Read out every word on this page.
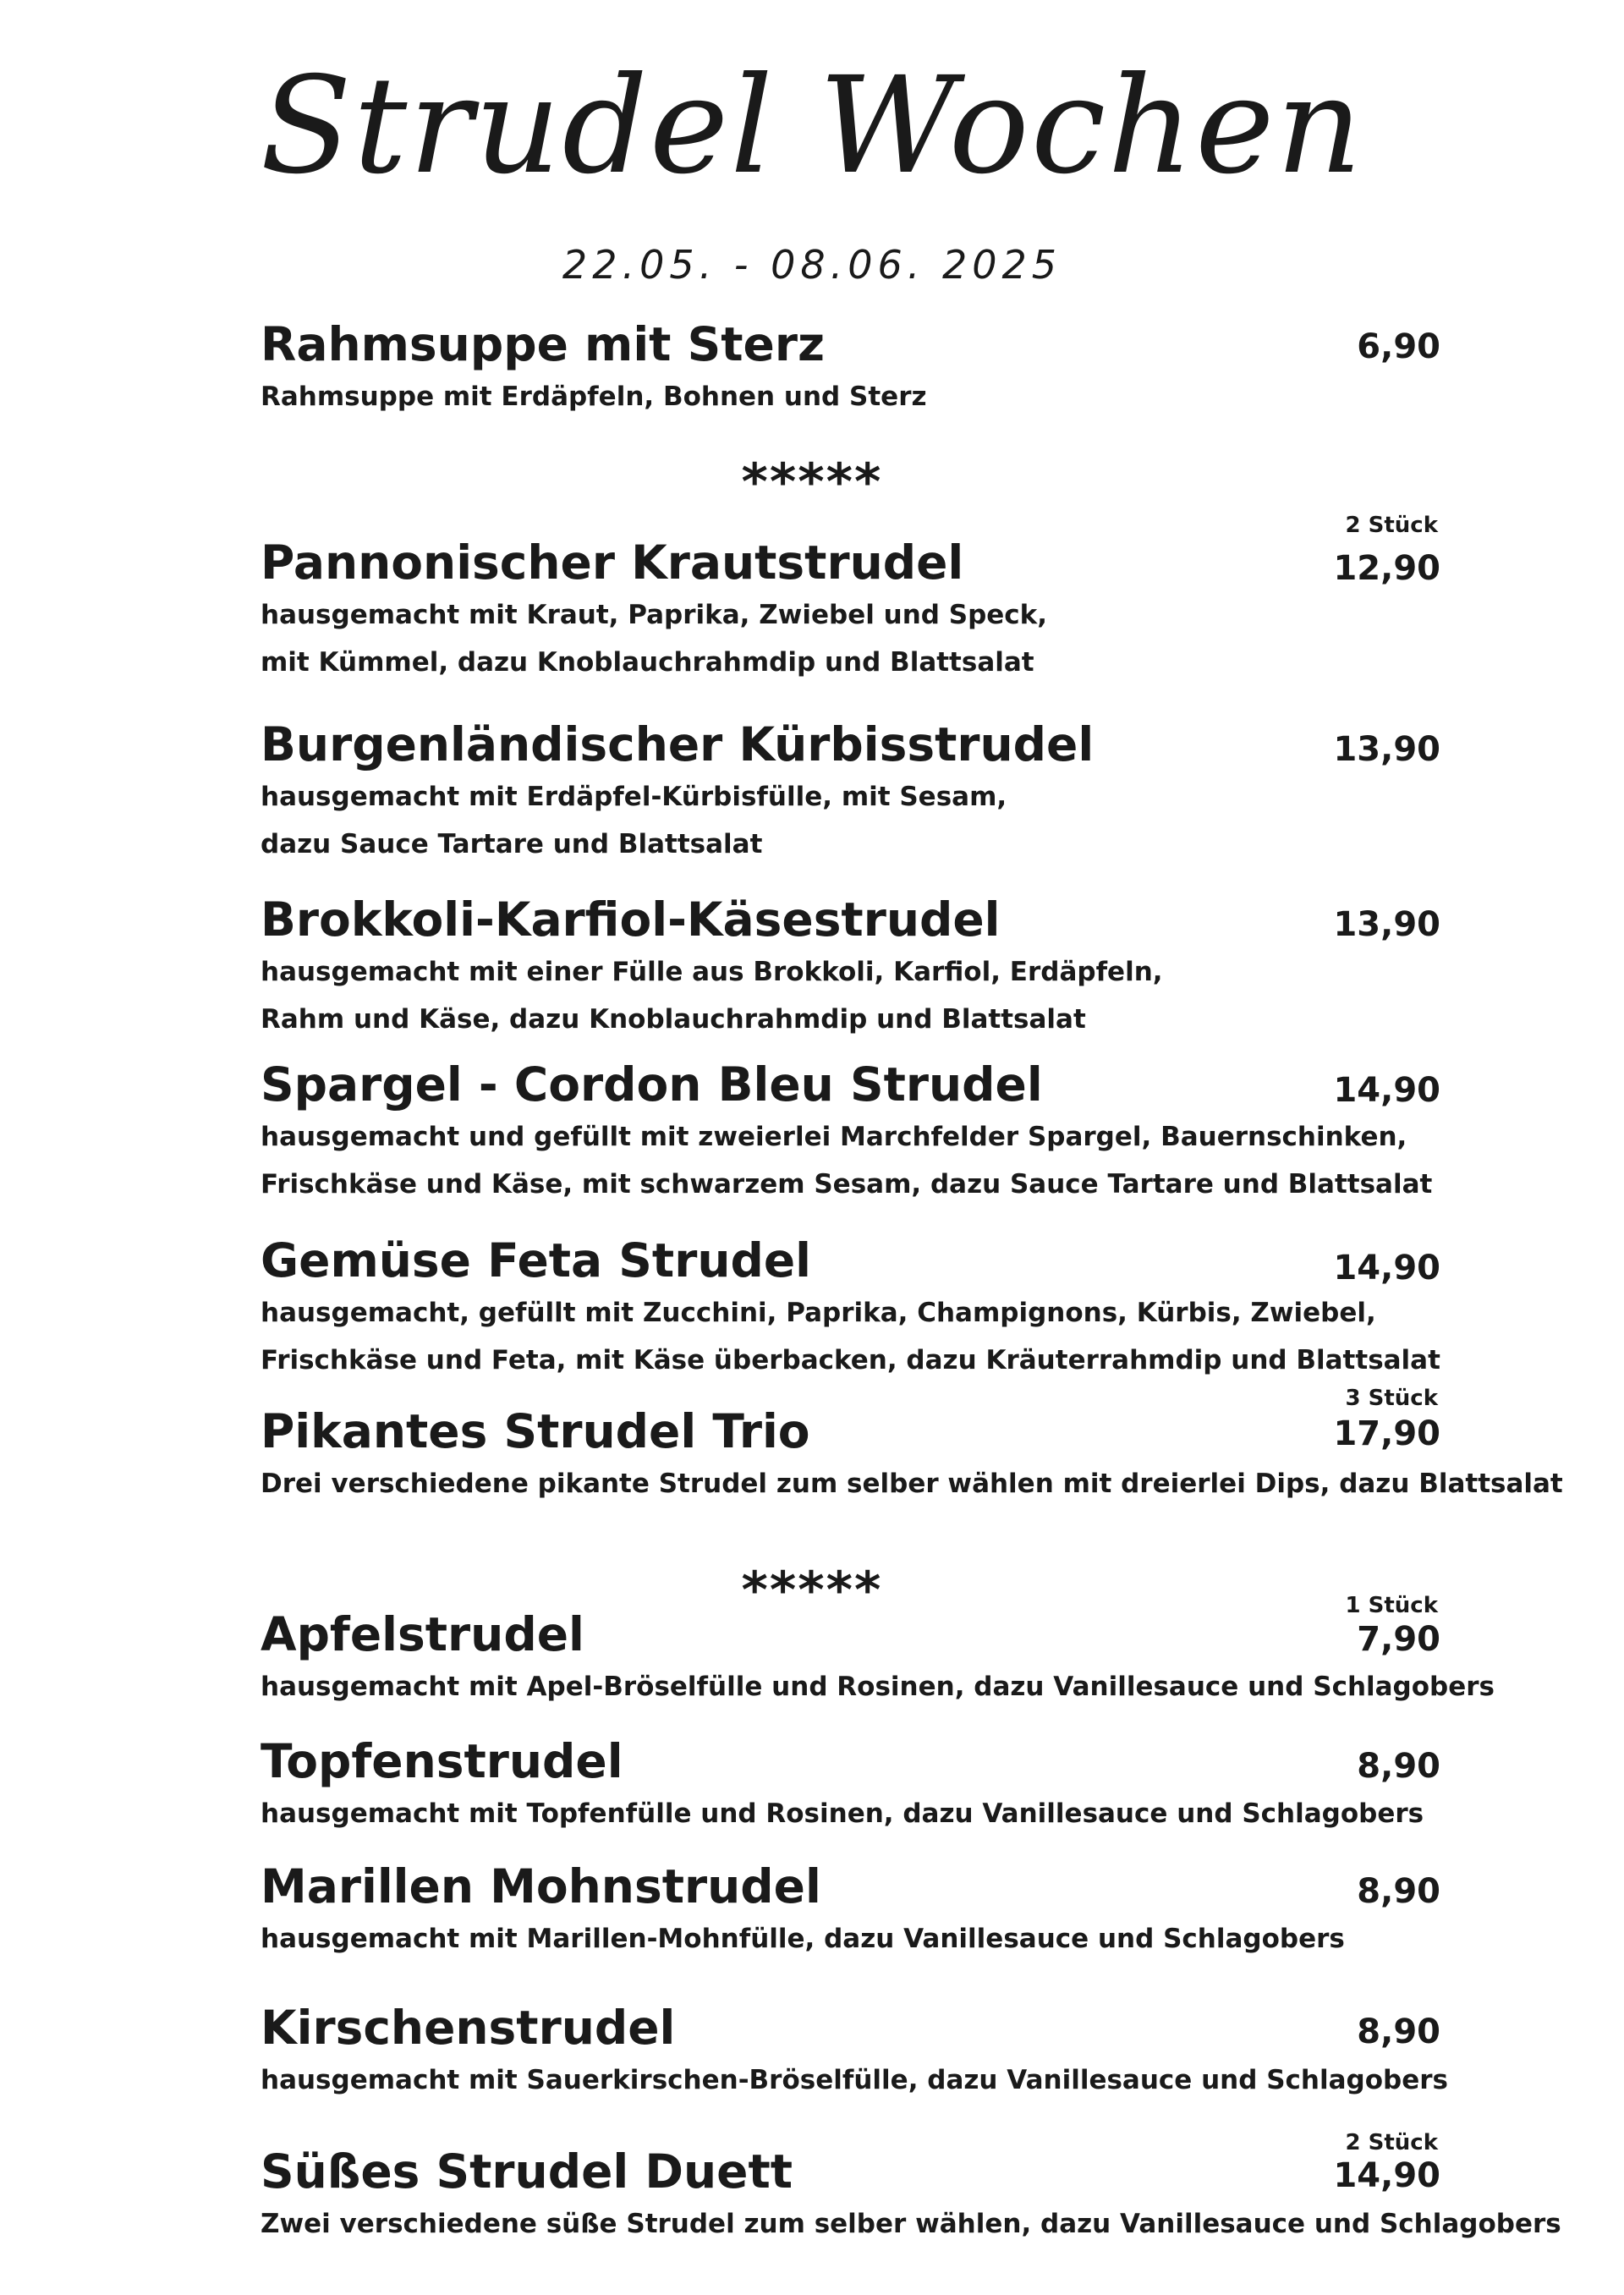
Strudel Wochen
22.05. - 08.06. 2025
Rahmsuppe mit Sterz
Rahmsuppe mit Erdäpfeln, Bohnen und Sterz
6,90
*****
2 Stück
Pannonischer Krautstrudel
hausgemacht mit Kraut, Paprika, Zwiebel und Speck,
mit Kümmel, dazu Knoblauchrahmdip und Blattsalat
12,90
Burgenländischer Kürbisstrudel
hausgemacht mit Erdäpfel-Kürbisfülle, mit Sesam,
dazu Sauce Tartare und Blattsalat
13,90
Brokkoli-Karfiol-Käsestrudel
hausgemacht mit einer Fülle aus Brokkoli, Karfiol, Erdäpfeln,
Rahm und Käse, dazu Knoblauchrahmdip und Blattsalat
13,90
Spargel - Cordon Bleu Strudel
hausgemacht und gefüllt mit zweierlei Marchfelder Spargel, Bauernschinken,
Frischkäse und Käse, mit schwarzem Sesam, dazu Sauce Tartare und Blattsalat
14,90
Gemüse Feta Strudel
hausgemacht, gefüllt mit Zucchini, Paprika, Champignons, Kürbis, Zwiebel,
Frischkäse und Feta, mit Käse überbacken, dazu Kräuterrahmdip und Blattsalat
14,90
3 Stück
Pikantes Strudel Trio
Drei verschiedene pikante Strudel zum selber wählen mit dreierlei Dips, dazu Blattsalat
17,90
*****	1 Stück
Apfelstrudel
hausgemacht mit Apel-Bröselfülle und Rosinen, dazu Vanillesauce und Schlagobers
7,90
Topfenstrudel
hausgemacht mit Topfenfülle und Rosinen, dazu Vanillesauce und Schlagobers
8,90
Marillen Mohnstrudel
hausgemacht mit Marillen-Mohnfülle, dazu Vanillesauce und Schlagobers
8,90
Kirschenstrudel
hausgemacht mit Sauerkirschen-Bröselfülle, dazu Vanillesauce und Schlagobers
8,90
2 Stück
Süßes Strudel Duett
Zwei verschiedene süße Strudel zum selber wählen, dazu Vanillesauce und Schlagobers
14,90
